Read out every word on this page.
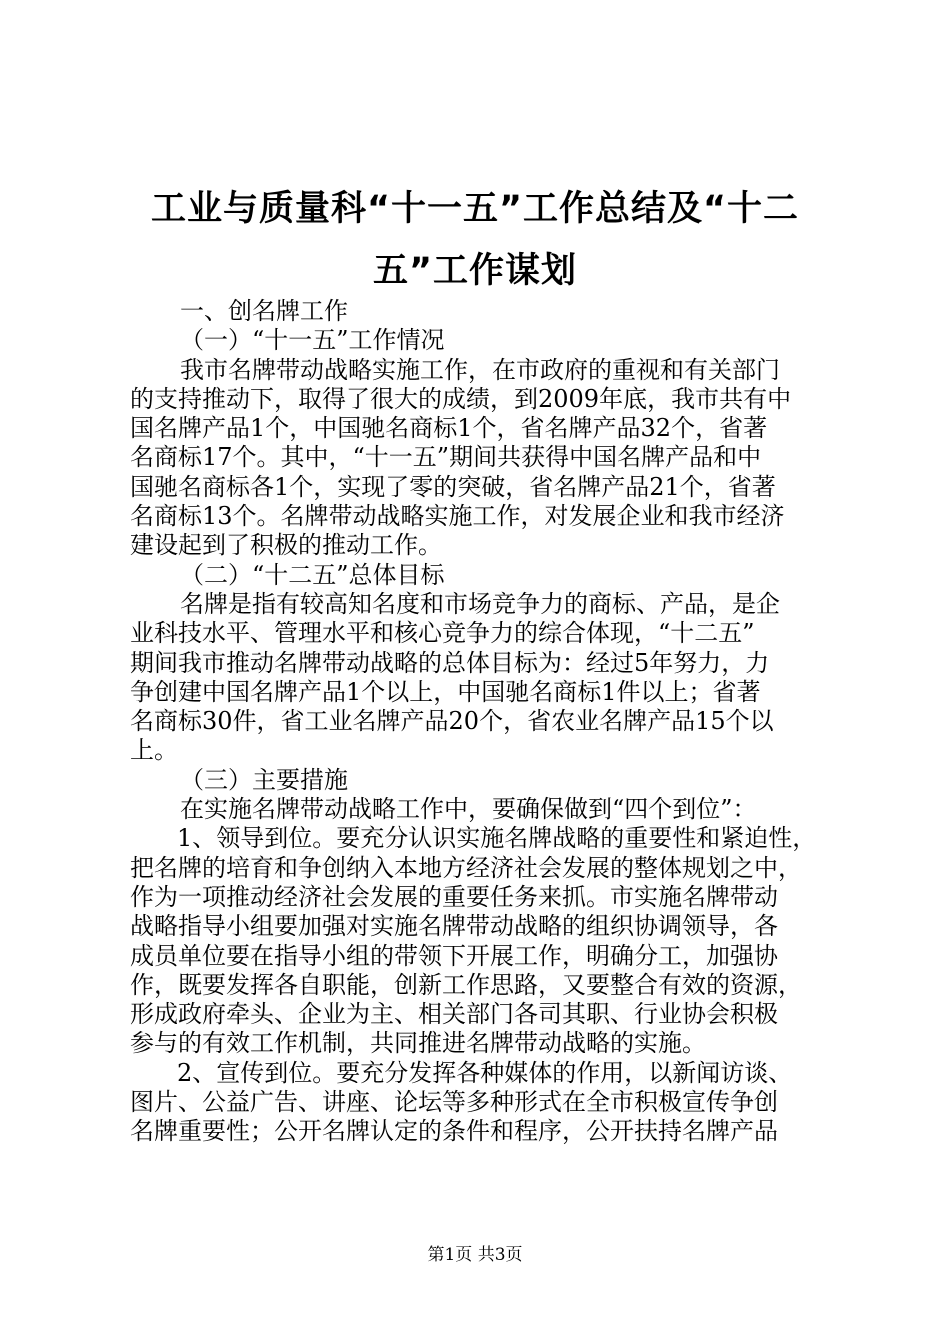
工业与质量科“十一五”工作总结及“十二
五”工作谋划
一、创名牌工作
（一）“十一五”工作情况
我市名牌带动战略实施工作，在市政府的重视和有关部门
的支持推动下，取得了很大的成绩，到2009年底，我市共有中
国名牌产品1个，中国驰名商标1个，省名牌产品32个，省著
名商标17个。其中，“十一五”期间共获得中国名牌产品和中
国驰名商标各1个，实现了零的突破，省名牌产品21个，省著
名商标13个。名牌带动战略实施工作，对发展企业和我市经济
建设起到了积极的推动工作。
（二）“十二五”总体目标
名牌是指有较高知名度和市场竞争力的商标、产品，是企
业科技水平、管理水平和核心竞争力的综合体现，“十二五”
期间我市推动名牌带动战略的总体目标为：经过5年努力，力
争创建中国名牌产品1个以上，中国驰名商标1件以上；省著
名商标30件，省工业名牌产品20个，省农业名牌产品15个以
上。
（三）主要措施
在实施名牌带动战略工作中，要确保做到“四个到位”：
1、领导到位。要充分认识实施名牌战略的重要性和紧迫性，
把名牌的培育和争创纳入本地方经济社会发展的整体规划之中，
作为一项推动经济社会发展的重要任务来抓。市实施名牌带动
战略指导小组要加强对实施名牌带动战略的组织协调领导，各
成员单位要在指导小组的带领下开展工作，明确分工，加强协
作，既要发挥各自职能，创新工作思路，又要整合有效的资源，
形成政府牵头、企业为主、相关部门各司其职、行业协会积极
参与的有效工作机制，共同推进名牌带动战略的实施。
2、宣传到位。要充分发挥各种媒体的作用，以新闻访谈、
图片、公益广告、讲座、论坛等多种形式在全市积极宣传争创
名牌重要性；公开名牌认定的条件和程序，公开扶持名牌产品
第1页 共3页
